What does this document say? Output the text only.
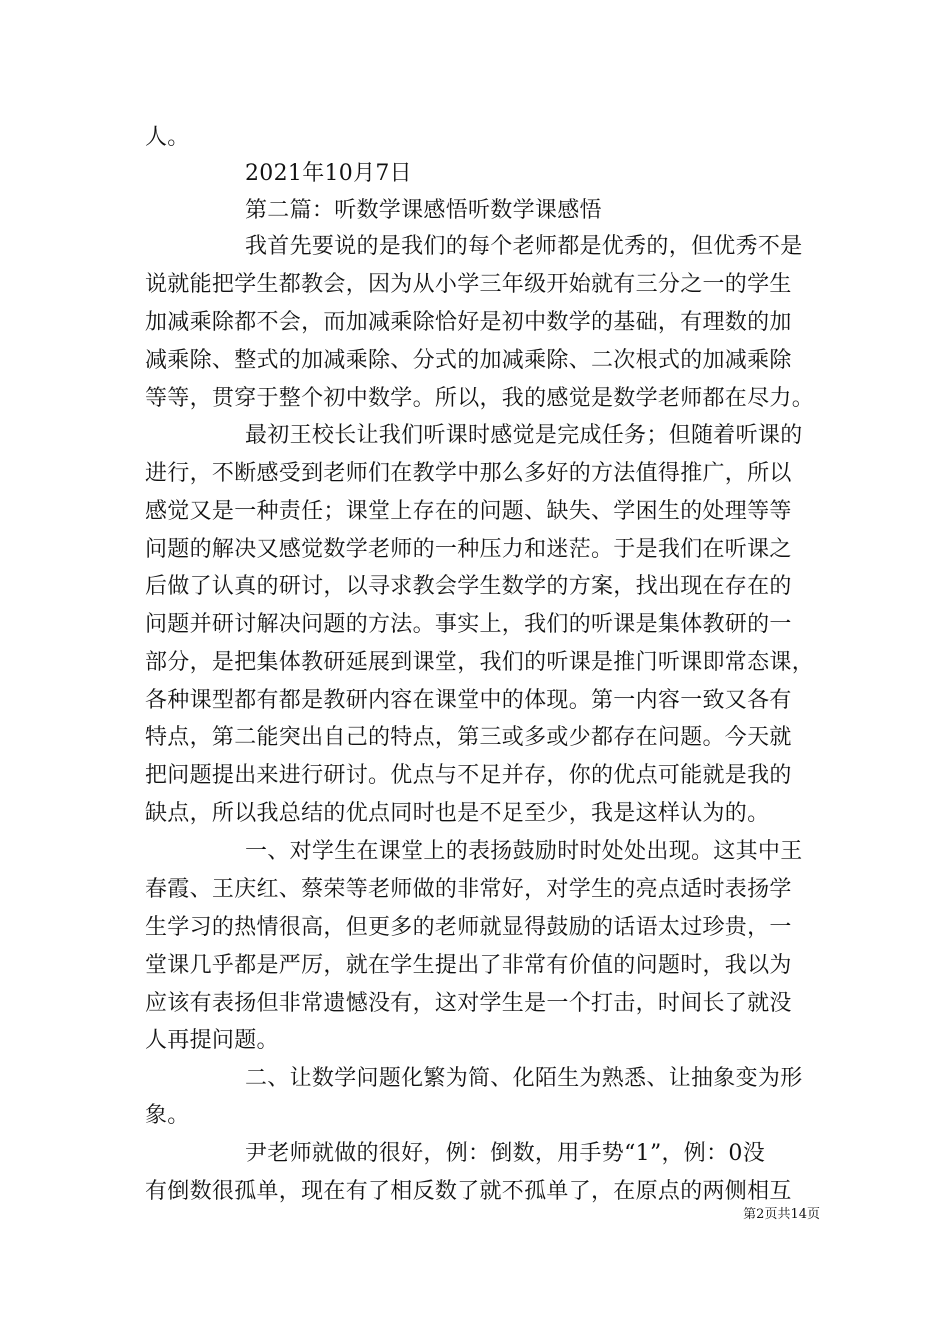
人。
2021年10月7日
第二篇：听数学课感悟听数学课感悟
我首先要说的是我们的每个老师都是优秀的，但优秀不是
说就能把学生都教会，因为从小学三年级开始就有三分之一的学生
加减乘除都不会，而加减乘除恰好是初中数学的基础，有理数的加
减乘除、整式的加减乘除、分式的加减乘除、二次根式的加减乘除
等等，贯穿于整个初中数学。所以，我的感觉是数学老师都在尽力。
最初王校长让我们听课时感觉是完成任务；但随着听课的
进行，不断感受到老师们在教学中那么多好的方法值得推广，所以
感觉又是一种责任；课堂上存在的问题、缺失、学困生的处理等等
问题的解决又感觉数学老师的一种压力和迷茫。于是我们在听课之
后做了认真的研讨，以寻求教会学生数学的方案，找出现在存在的
问题并研讨解决问题的方法。事实上，我们的听课是集体教研的一
部分，是把集体教研延展到课堂，我们的听课是推门听课即常态课，
各种课型都有都是教研内容在课堂中的体现。第一内容一致又各有
特点，第二能突出自己的特点，第三或多或少都存在问题。今天就
把问题提出来进行研讨。优点与不足并存，你的优点可能就是我的
缺点，所以我总结的优点同时也是不足至少，我是这样认为的。
一、对学生在课堂上的表扬鼓励时时处处出现。这其中王
春霞、王庆红、蔡荣等老师做的非常好，对学生的亮点适时表扬学
生学习的热情很高，但更多的老师就显得鼓励的话语太过珍贵，一
堂课几乎都是严厉，就在学生提出了非常有价值的问题时，我以为
应该有表扬但非常遗憾没有，这对学生是一个打击，时间长了就没
人再提问题。
二、让数学问题化繁为简、化陌生为熟悉、让抽象变为形
象。
尹老师就做的很好，例：倒数，用手势“1”，例：0没
有倒数很孤单，现在有了相反数了就不孤单了，在原点的两侧相互
第2页共14页
